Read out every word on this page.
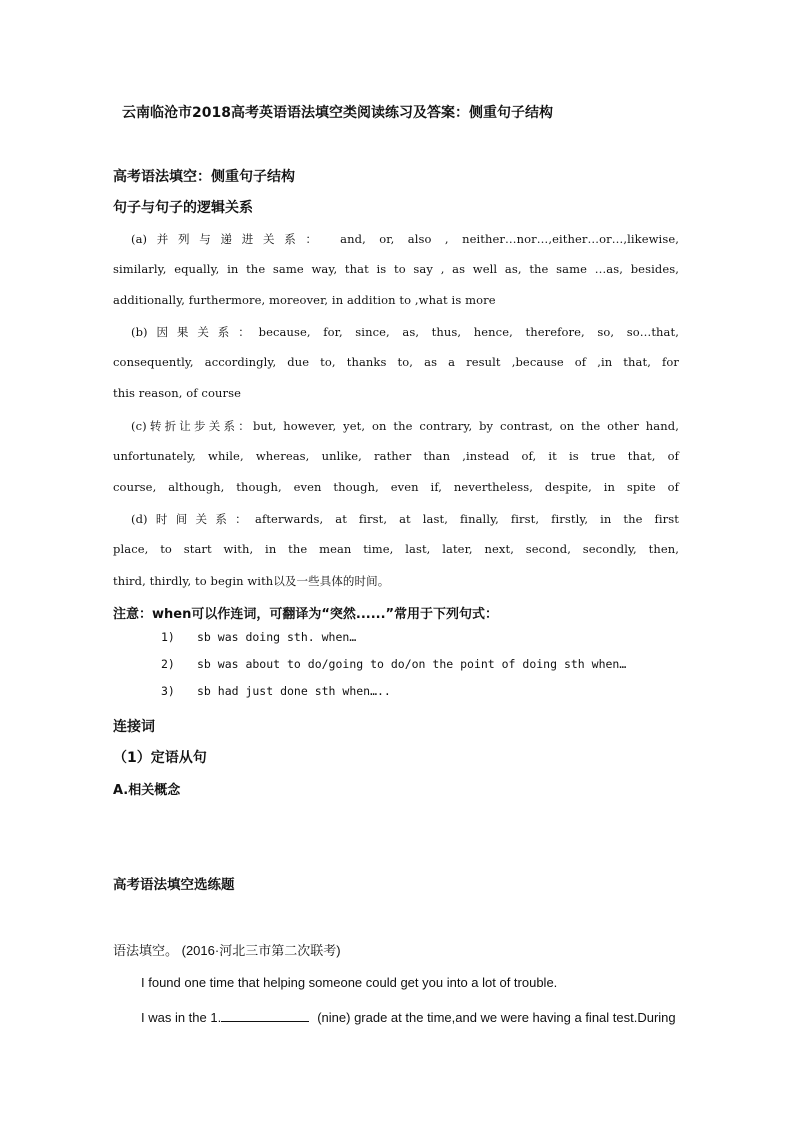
云南临沧市2018高考英语语法填空类阅读练习及答案：侧重句子结构
高考语法填空：侧重句子结构
句子与句子的逻辑关系
(a)并列与递进关系： and, or, also , neither…nor…,either…or…,likewise,
similarly, equally, in the same way, that is to say , as well as, the same …as, besides,
additionally, furthermore, moreover, in addition to ,what is more
(b)因果关系：because, for, since, as, thus, hence, therefore, so, so…that,
consequently, accordingly, due to, thanks to, as a result ,because of ,in that, for
this reason, of course
(c)转折让步关系：but, however, yet, on the contrary, by contrast, on the other hand,
unfortunately, while, whereas, unlike, rather than ,instead of, it is true that, of
course, although, though, even though, even if, nevertheless, despite, in spite of
(d)时间关系：afterwards, at first, at last, finally, first, firstly, in the first
place, to start with, in the mean time, last, later, next, second, secondly, then,
third, thirdly, to begin with以及一些具体的时间。
注意：when可以作连词，可翻译为“突然......”常用于下列句式：
1) sb was doing sth. when…
2) sb was about to do/going to do/on the point of doing sth when…
3) sb had just done sth when…..
连接词
（1）定语从句
A.相关概念
高考语法填空选练题
语法填空。 (2016·河北三市第二次联考)
I found one time that helping someone could get you into a lot of trouble.
I was in the 1.	(nine) grade at the time,and we were having a final test.During
